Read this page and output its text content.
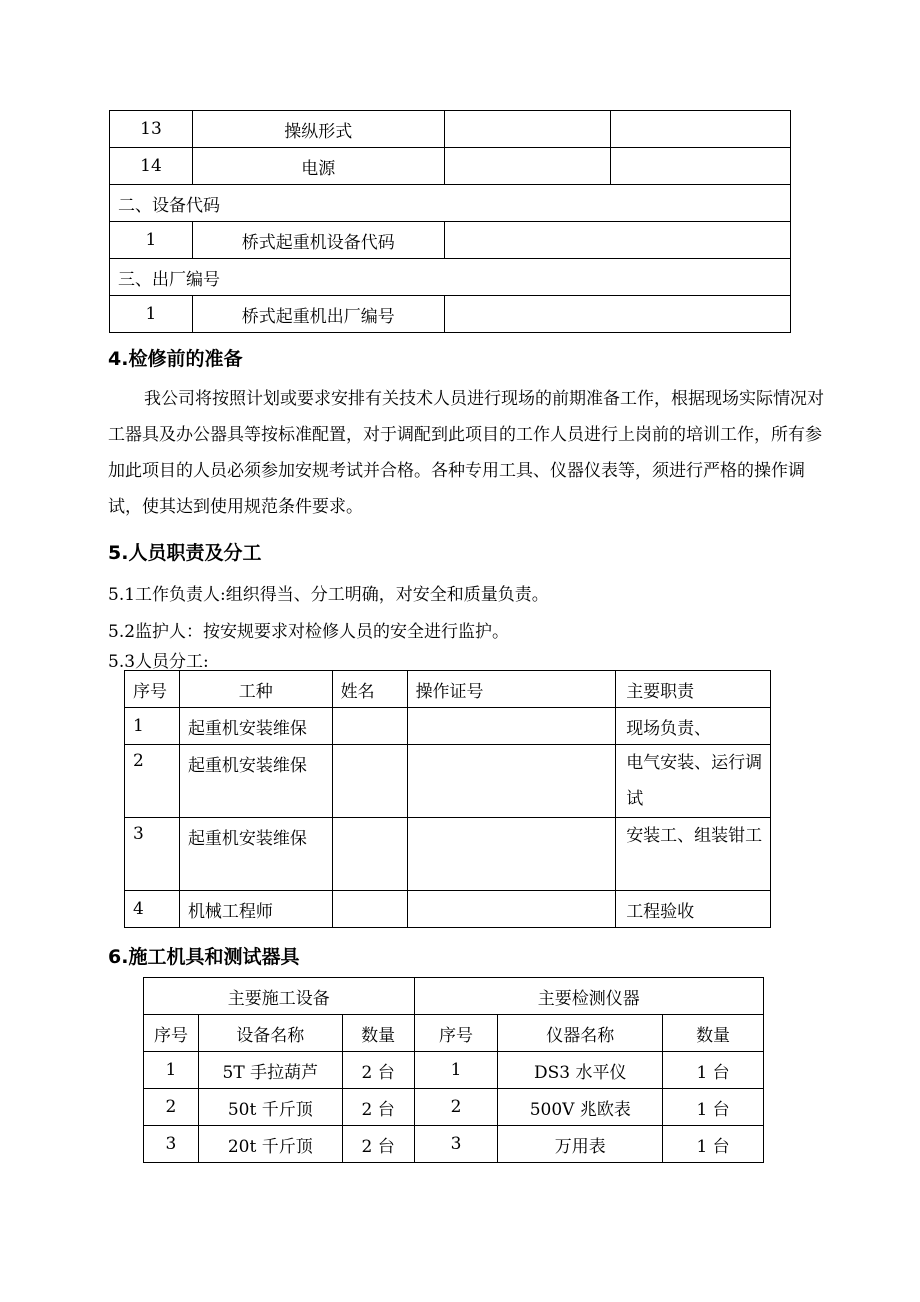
13	操纵形式		
14	电源		
二、设备代码			
1	桥式起重机设备代码		
三、出厂编号			
1	桥式起重机出厂编号		
4.检修前的准备

我公司将按照计划或要求安排有关技术人员进行现场的前期准备工作，根据现场实际情况对工器具及办公器具等按标准配置，对于调配到此项目的工作人员进行上岗前的培训工作，所有参加此项目的人员必须参加安规考试并合格。各种专用工具、仪器仪表等，须进行严格的操作调试，使其达到使用规范条件要求。

5.人员职责及分工

5.1工作负责人:组织得当、分工明确，对安全和质量负责。

5.2监护人：按安规要求对检修人员的安全进行监护。

5.3人员分工:

序号	工种	姓名	操作证号	主要职责
1	起重机安装维保			现场负责、
2	起重机安装维保			电气安装、运行调试
3	起重机安装维保			安装工、组装钳工
4	机械工程师			工程验收
6.施工机具和测试器具
主要施工设备			主要检测仪器		
序号	设备名称	数量	序号	仪器名称	数量
1	5T 手拉葫芦	2 台	1	DS3 水平仪	1 台
2	50t 千斤顶	2 台	2	500V 兆欧表	1 台
3	20t 千斤顶	2 台	3	万用表	1 台
